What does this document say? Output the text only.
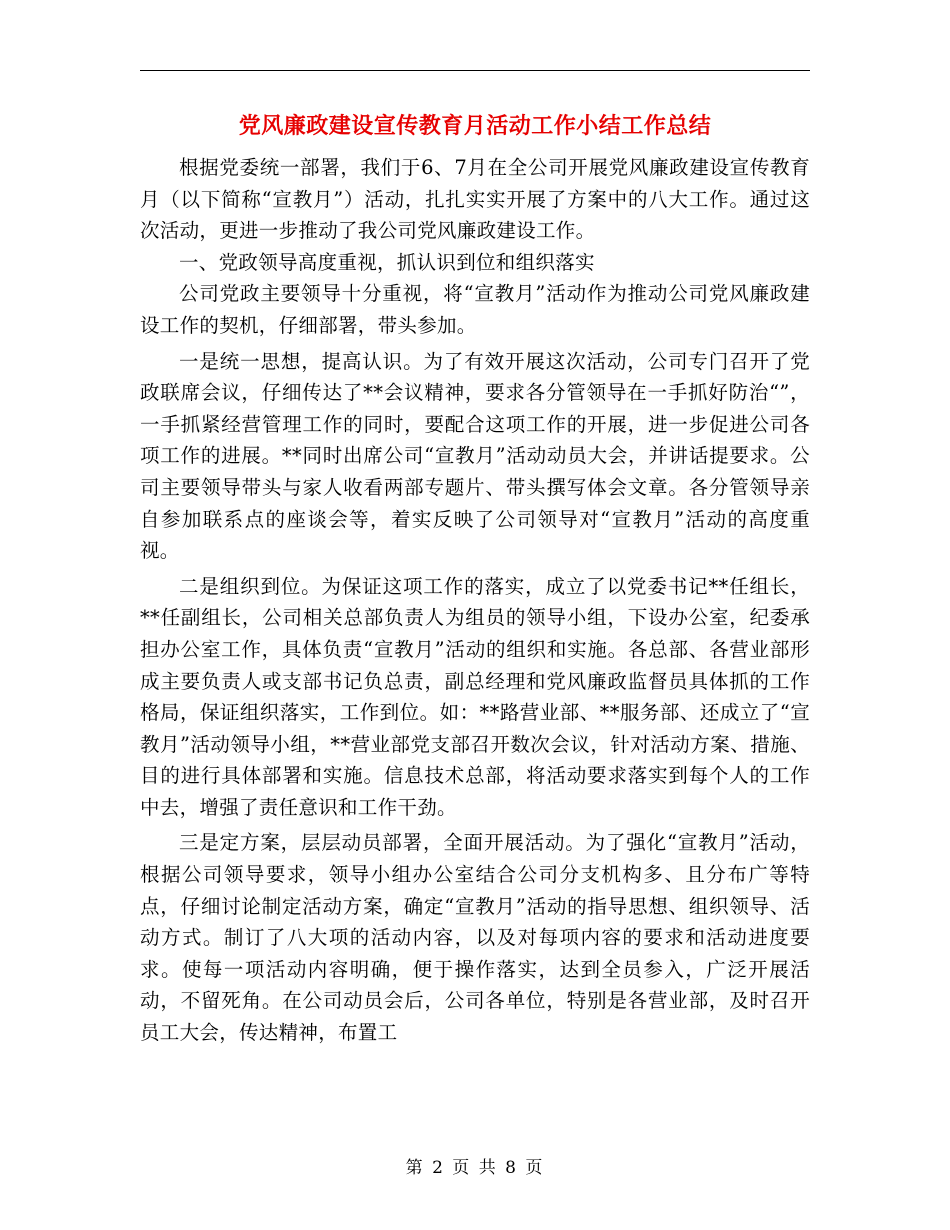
党风廉政建设宣传教育月活动工作小结工作总结

根据党委统一部署，我们于6、7月在全公司开展党风廉政建设宣传教育月（以下简称“宣教月”）活动，扎扎实实开展了方案中的八大工作。通过这次活动，更进一步推动了我公司党风廉政建设工作。

一、党政领导高度重视，抓认识到位和组织落实

公司党政主要领导十分重视，将“宣教月”活动作为推动公司党风廉政建设工作的契机，仔细部署，带头参加。

一是统一思想，提高认识。为了有效开展这次活动，公司专门召开了党政联席会议，仔细传达了**会议精神，要求各分管领导在一手抓好防治“”，一手抓紧经营管理工作的同时，要配合这项工作的开展，进一步促进公司各项工作的进展。**同时出席公司“宣教月”活动动员大会，并讲话提要求。公司主要领导带头与家人收看两部专题片、带头撰写体会文章。各分管领导亲自参加联系点的座谈会等，着实反映了公司领导对“宣教月”活动的高度重视。

二是组织到位。为保证这项工作的落实，成立了以党委书记**任组长，**任副组长，公司相关总部负责人为组员的领导小组，下设办公室，纪委承担办公室工作，具体负责“宣教月”活动的组织和实施。各总部、各营业部形成主要负责人或支部书记负总责，副总经理和党风廉政监督员具体抓的工作格局，保证组织落实，工作到位。如：**路营业部、**服务部、还成立了“宣教月”活动领导小组，**营业部党支部召开数次会议，针对活动方案、措施、目的进行具体部署和实施。信息技术总部，将活动要求落实到每个人的工作中去，增强了责任意识和工作干劲。

三是定方案，层层动员部署，全面开展活动。为了强化“宣教月”活动，根据公司领导要求，领导小组办公室结合公司分支机构多、且分布广等特点，仔细讨论制定活动方案，确定“宣教月”活动的指导思想、组织领导、活动方式。制订了八大项的活动内容，以及对每项内容的要求和活动进度要求。使每一项活动内容明确，便于操作落实，达到全员参入，广泛开展活动，不留死角。在公司动员会后，公司各单位，特别是各营业部，及时召开员工大会，传达精神，布置工

第 2 页 共 8 页
